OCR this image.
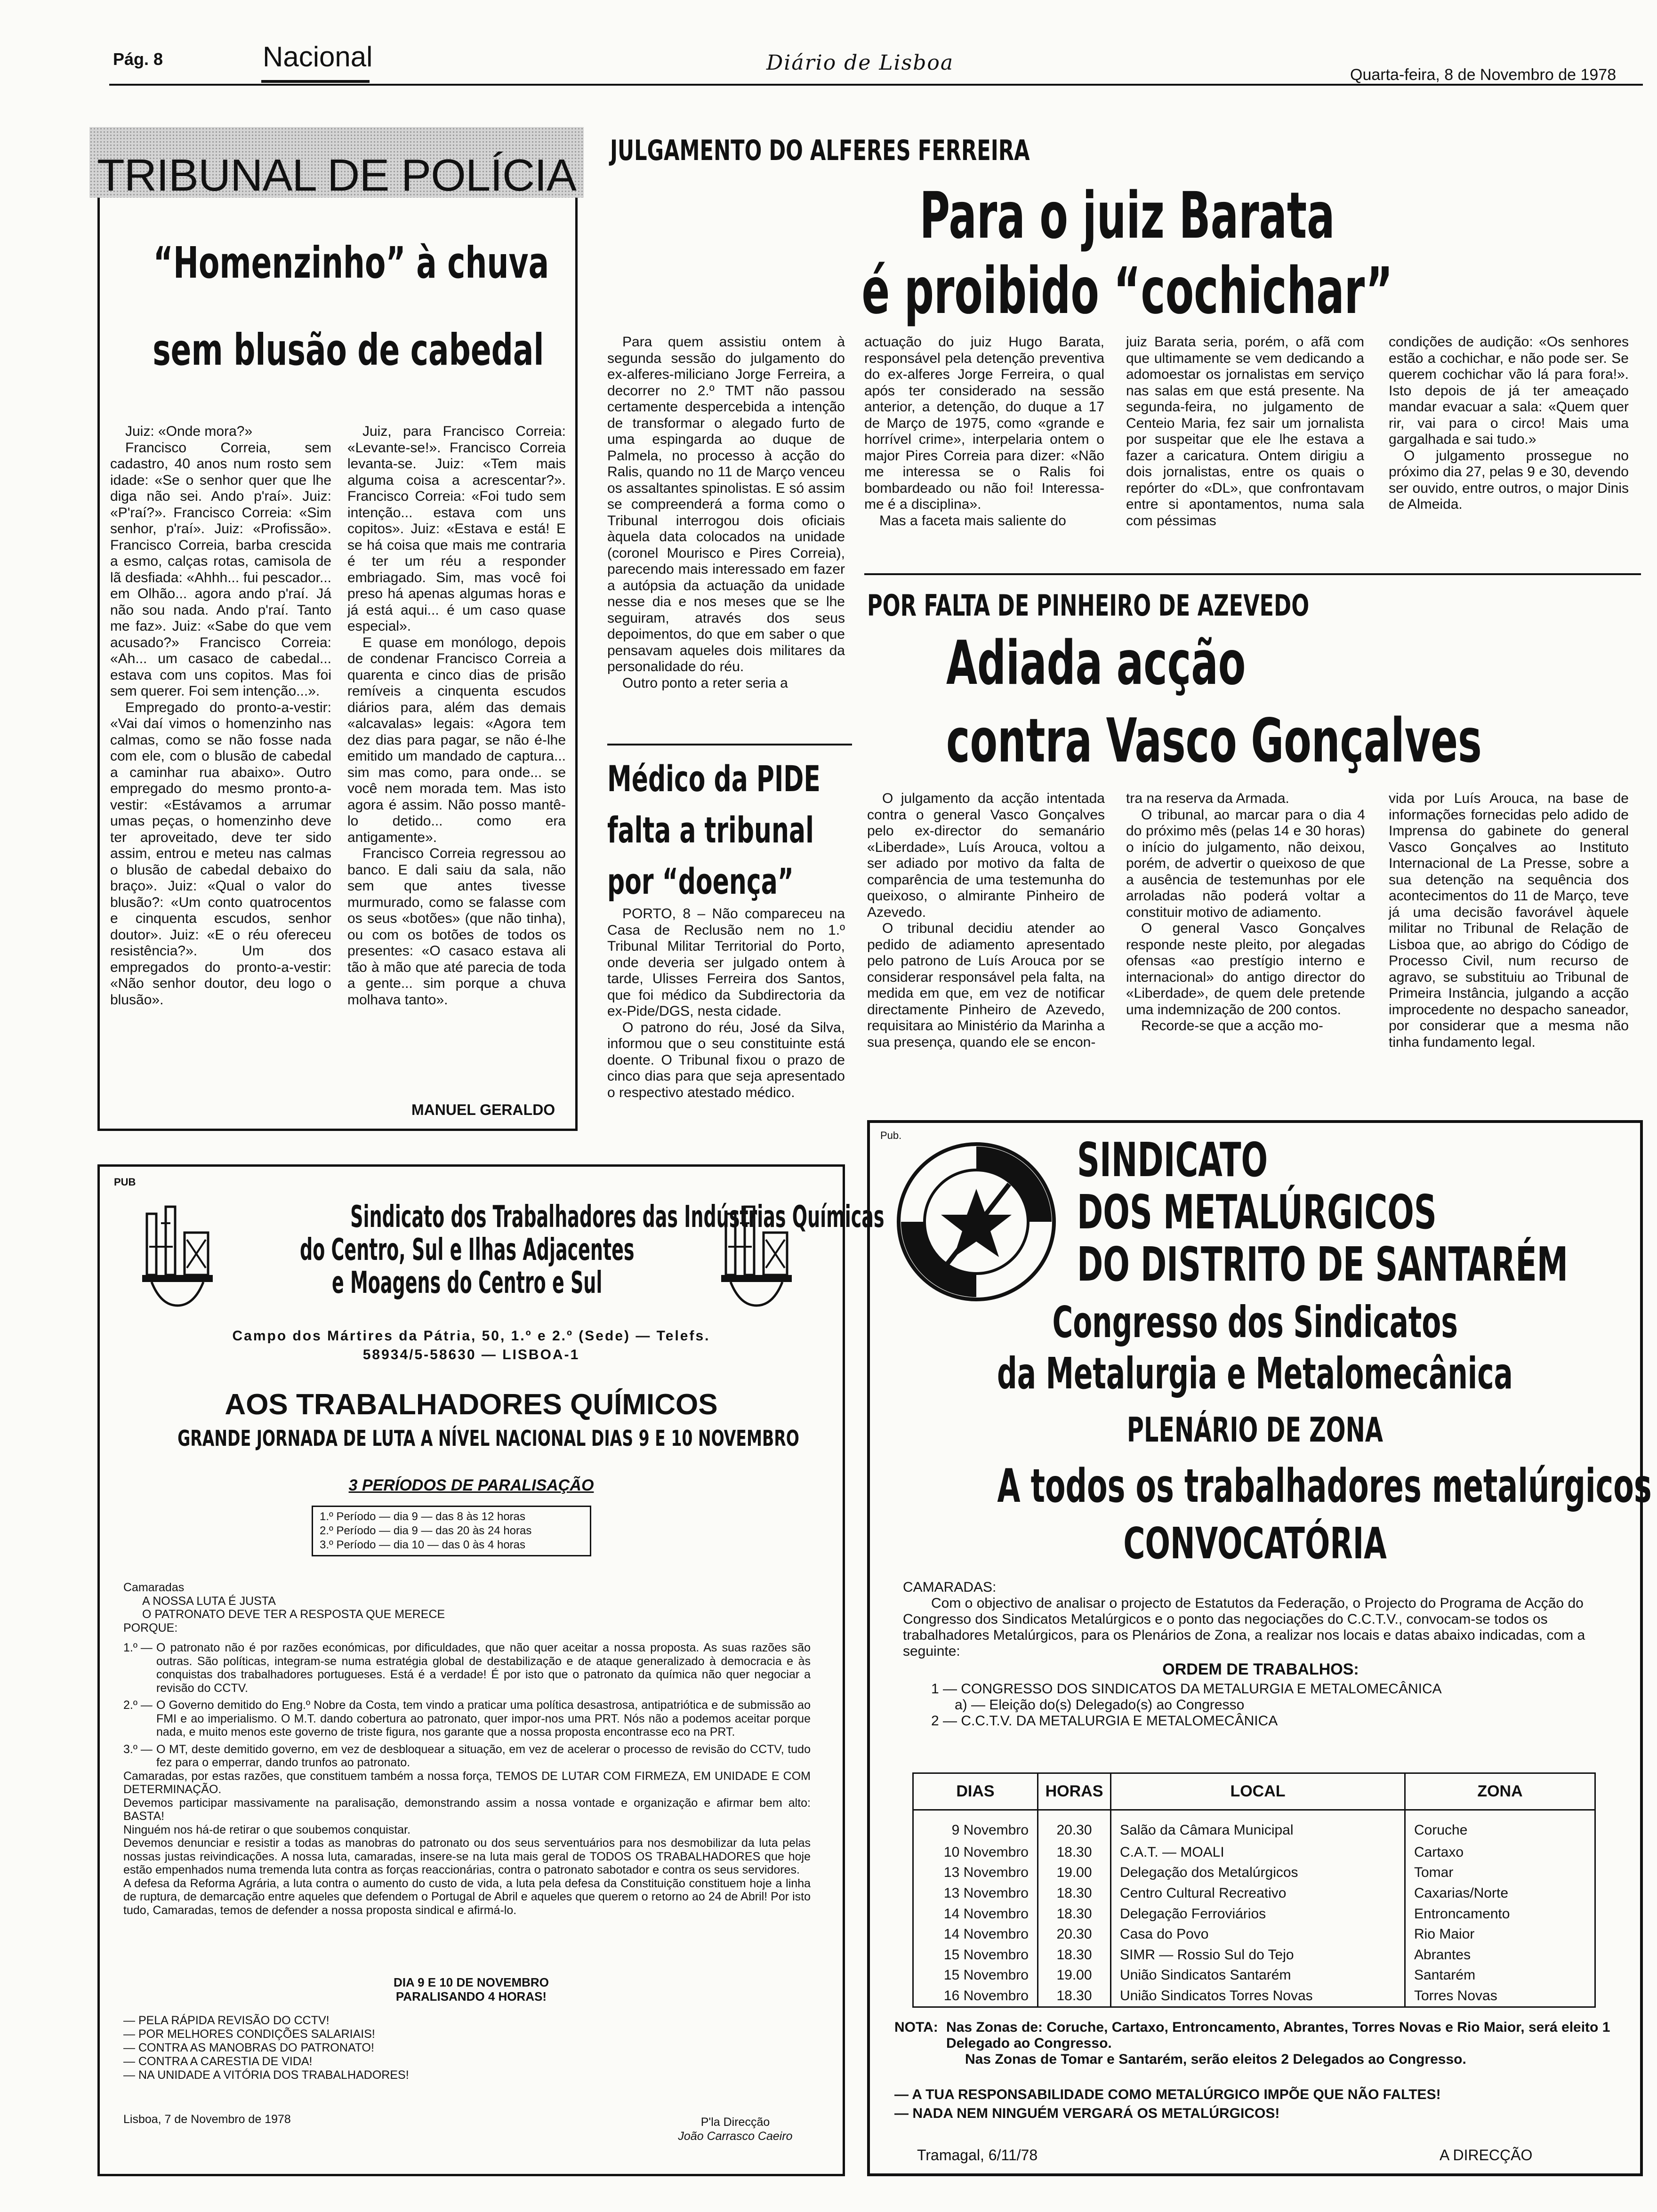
Pág. 8	Nacional	Diário de Lisboa	Quarta-feira, 8 de Novembro de 1978
TRIBUNAL DE POLÍCIA
“Homenzinho” à chuva
sem blusão de cabedal

Juiz: «Onde mora?»

Francisco Correia, sem cadastro, 40 anos num rosto sem idade: «Se o senhor quer que lhe diga não sei. Ando p'raí». Juiz: «P'raí?». Francisco Correia: «Sim senhor, p'raí». Juiz: «Profissão». Francisco Correia, barba crescida a esmo, calças rotas, camisola de lã desfiada: «Ahhh... fui pescador... em Olhão... agora ando p'raí. Já não sou nada. Ando p'raí. Tanto me faz». Juiz: «Sabe do que vem acusado?» Francisco Correia: «Ah... um casaco de cabedal... estava com uns copitos. Mas foi sem querer. Foi sem intenção...».

Empregado do pronto-a-vestir: «Vai daí vimos o homenzinho nas calmas, como se não fosse nada com ele, com o blusão de cabedal a caminhar rua abaixo». Outro empregado do mesmo pronto-a-vestir: «Estávamos a arrumar umas peças, o homenzinho deve ter aproveitado, deve ter sido assim, entrou e meteu nas calmas o blusão de cabedal debaixo do braço». Juiz: «Qual o valor do blusão?: «Um conto quatrocentos e cinquenta escudos, senhor doutor». Juiz: «E o réu ofereceu resistência?». Um dos empregados do pronto-a-vestir: «Não senhor doutor, deu logo o blusão».

Juiz, para Francisco Correia: «Levante-se!». Francisco Correia levanta-se. Juiz: «Tem mais alguma coisa a acrescentar?». Francisco Correia: «Foi tudo sem intenção... estava com uns copitos». Juiz: «Estava e está! E se há coisa que mais me contraria é ter um réu a responder embriagado. Sim, mas você foi preso há apenas algumas horas e já está aqui... é um caso quase especial».

E quase em monólogo, depois de condenar Francisco Correia a quarenta e cinco dias de prisão remíveis a cinquenta escudos diários para, além das demais «alcavalas» legais: «Agora tem dez dias para pagar, se não é-lhe emitido um mandado de captura... sim mas como, para onde... se você nem morada tem. Mas isto agora é assim. Não posso mantê-lo detido... como era antigamente».

Francisco Correia regressou ao banco. E dali saiu da sala, não sem que antes tivesse murmurado, como se falasse com os seus «botões» (que não tinha), ou com os botões de todos os presentes: «O casaco estava ali tão à mão que até parecia de toda a gente... sim porque a chuva molhava tanto».

MANUEL GERALDO
JULGAMENTO DO ALFERES FERREIRA
Para o juiz Barata
é proibido “cochichar”

Para quem assistiu ontem à segunda sessão do julgamento do ex-alferes-miliciano Jorge Ferreira, a decorrer no 2.º TMT não passou certamente despercebida a intenção de transformar o alegado furto de uma espingarda ao duque de Palmela, no processo à acção do Ralis, quando no 11 de Março venceu os assaltantes spinolistas. E só assim se compreenderá a forma como o Tribunal interrogou dois oficiais àquela data colocados na unidade (coronel Mourisco e Pires Correia), parecendo mais interessado em fazer a autópsia da actuação da unidade nesse dia e nos meses que se lhe seguiram, através dos seus depoimentos, do que em saber o que pensavam aqueles dois militares da personalidade do réu.

Outro ponto a reter seria a

actuação do juiz Hugo Barata, responsável pela detenção preventiva do ex-alferes Jorge Ferreira, o qual após ter considerado na sessão anterior, a detenção, do duque a 17 de Março de 1975, como «grande e horrível crime», interpelaria ontem o major Pires Correia para dizer: «Não me interessa se o Ralis foi bombardeado ou não foi! Interessa-me é a disciplina».

Mas a faceta mais saliente do

juiz Barata seria, porém, o afã com que ultimamente se vem dedicando a adomoestar os jornalistas em serviço nas salas em que está presente. Na segunda-feira, no julgamento de Centeio Maria, fez sair um jornalista por suspeitar que ele lhe estava a fazer a caricatura. Ontem dirigiu a dois jornalistas, entre os quais o repórter do «DL», que confrontavam entre si apontamentos, numa sala com péssimas

condições de audição: «Os senhores estão a cochichar, e não pode ser. Se querem cochichar vão lá para fora!». Isto depois de já ter ameaçado mandar evacuar a sala: «Quem quer rir, vai para o circo! Mais uma gargalhada e sai tudo.»

O julgamento prossegue no próximo dia 27, pelas 9 e 30, devendo ser ouvido, entre outros, o major Dinis de Almeida.

Médico da PIDE
falta a tribunal
por “doença”

PORTO, 8 – Não compareceu na Casa de Reclusão nem no 1.º Tribunal Militar Territorial do Porto, onde deveria ser julgado ontem à tarde, Ulisses Ferreira dos Santos, que foi médico da Subdirectoria da ex-Pide/DGS, nesta cidade.

O patrono do réu, José da Silva, informou que o seu constituinte está doente. O Tribunal fixou o prazo de cinco dias para que seja apresentado o respectivo atestado médico.

POR FALTA DE PINHEIRO DE AZEVEDO
Adiada acção
contra Vasco Gonçalves

O julgamento da acção intentada contra o general Vasco Gonçalves pelo ex-director do semanário «Liberdade», Luís Arouca, voltou a ser adiado por motivo da falta de comparência de uma testemunha do queixoso, o almirante Pinheiro de Azevedo.

O tribunal decidiu atender ao pedido de adiamento apresentado pelo patrono de Luís Arouca por se considerar responsável pela falta, na medida em que, em vez de notificar directamente Pinheiro de Azevedo, requisitara ao Ministério da Marinha a sua presença, quando ele se encon-

tra na reserva da Armada.

O tribunal, ao marcar para o dia 4 do próximo mês (pelas 14 e 30 horas) o início do julgamento, não deixou, porém, de advertir o queixoso de que a ausência de testemunhas por ele arroladas não poderá voltar a constituir motivo de adiamento.

O general Vasco Gonçalves responde neste pleito, por alegadas ofensas «ao prestígio interno e internacional» do antigo director do «Liberdade», de quem dele pretende uma indemnização de 200 contos.

Recorde-se que a acção mo-

vida por Luís Arouca, na base de informações fornecidas pelo adido de Imprensa do gabinete do general Vasco Gonçalves ao Instituto Internacional de La Presse, sobre a sua detenção na sequência dos acontecimentos do 11 de Março, teve já uma decisão favorável àquele militar no Tribunal de Relação de Lisboa que, ao abrigo do Código de Processo Civil, num recurso de agravo, se substituiu ao Tribunal de Primeira Instância, julgando a acção improcedente no despacho saneador, por considerar que a mesma não tinha fundamento legal.

PUB
Sindicato dos Trabalhadores das Indústrias Químicas
do Centro, Sul e Ilhas Adjacentes
e Moagens do Centro e Sul
Campo dos Mártires da Pátria, 50, 1.º e 2.º (Sede) — Telefs.
58934/5-58630 — LISBOA-1
AOS TRABALHADORES QUÍMICOS
GRANDE JORNADA DE LUTA A NÍVEL NACIONAL DIAS 9 E 10 NOVEMBRO
3 PERÍODOS DE PARALISAÇÃO
1.º Período — dia 9 — das 8 às 12 horas
2.º Período — dia 9 — das 20 às 24 horas
3.º Período — dia 10 — das 0 às 4 horas
Camaradas
A NOSSA LUTA É JUSTA
O PATRONATO DEVE TER A RESPOSTA QUE MERECE
PORQUE:
1.º — O patronato não é por razões económicas, por dificuldades, que não quer aceitar a nossa proposta. As suas razões são outras. São políticas, integram-se numa estratégia global de destabilização e de ataque generalizado à democracia e às conquistas dos trabalhadores portugueses. Está é a verdade! É por isto que o patronato da química não quer negociar a revisão do CCTV.
2.º — O Governo demitido do Eng.º Nobre da Costa, tem vindo a praticar uma política desastrosa, antipatriótica e de submissão ao FMI e ao imperialismo. O M.T. dando cobertura ao patronato, quer impor-nos uma PRT. Nós não a podemos aceitar porque nada, e muito menos este governo de triste figura, nos garante que a nossa proposta encontrasse eco na PRT.
3.º — O MT, deste demitido governo, em vez de desbloquear a situação, em vez de acelerar o processo de revisão do CCTV, tudo fez para o emperrar, dando trunfos ao patronato.
Camaradas, por estas razões, que constituem também a nossa força, TEMOS DE LUTAR COM FIRMEZA, EM UNIDADE E COM DETERMINAÇÃO.
Devemos participar massivamente na paralisação, demonstrando assim a nossa vontade e organização e afirmar bem alto: BASTA!
Ninguém nos há-de retirar o que soubemos conquistar.
Devemos denunciar e resistir a todas as manobras do patronato ou dos seus serventuários para nos desmobilizar da luta pelas nossas justas reivindicações. A nossa luta, camaradas, insere-se na luta mais geral de TODOS OS TRABALHADORES que hoje estão empenhados numa tremenda luta contra as forças reaccionárias, contra o patronato sabotador e contra os seus servidores.
A defesa da Reforma Agrária, a luta contra o aumento do custo de vida, a luta pela defesa da Constituição constituem hoje a linha de ruptura, de demarcação entre aqueles que defendem o Portugal de Abril e aqueles que querem o retorno ao 24 de Abril! Por isto tudo, Camaradas, temos de defender a nossa proposta sindical e afirmá-lo.
DIA 9 E 10 DE NOVEMBRO
PARALISANDO 4 HORAS!
— PELA RÁPIDA REVISÃO DO CCTV!
— POR MELHORES CONDIÇÕES SALARIAIS!
— CONTRA AS MANOBRAS DO PATRONATO!
— CONTRA A CARESTIA DE VIDA!
— NA UNIDADE A VITÓRIA DOS TRABALHADORES!
Lisboa, 7 de Novembro de 1978	P'la Direcção
João Carrasco Caeiro
Pub.	SINDICATO
DOS METALÚRGICOS
DO DISTRITO DE SANTARÉM
Congresso dos Sindicatos
da Metalurgia e Metalomecânica
PLENÁRIO DE ZONA
A todos os trabalhadores metalúrgicos
CONVOCATÓRIA
CAMARADAS:
Com o objectivo de analisar o projecto de Estatutos da Federação, o Projecto do Programa de Acção do Congresso dos Sindicatos Metalúrgicos e o ponto das negociações do C.C.T.V., convocam-se todos os trabalhadores Metalúrgicos, para os Plenários de Zona, a realizar nos locais e datas abaixo indicadas, com a seguinte:
ORDEM DE TRABALHOS:
1 — CONGRESSO DOS SINDICATOS DA METALURGIA E METALOMECÂNICA
a) — Eleição do(s) Delegado(s) ao Congresso
2 — C.C.T.V. DA METALURGIA E METALOMECÂNICA
DIAS	HORAS	LOCAL	ZONA
9 Novembro	20.30	Salão da Câmara Municipal	Coruche
10 Novembro	18.30	C.A.T. — MOALI	Cartaxo
13 Novembro	19.00	Delegação dos Metalúrgicos	Tomar
13 Novembro	18.30	Centro Cultural Recreativo	Caxarias/Norte
14 Novembro	18.30	Delegação Ferroviários	Entroncamento
14 Novembro	20.30	Casa do Povo	Rio Maior
15 Novembro	18.30	SIMR — Rossio Sul do Tejo	Abrantes
15 Novembro	19.00	União Sindicatos Santarém	Santarém
16 Novembro	18.30	União Sindicatos Torres Novas	Torres Novas
NOTA: Nas Zonas de: Coruche, Cartaxo, Entroncamento, Abrantes, Torres Novas e Rio Maior, será eleito 1 Delegado ao Congresso.
Nas Zonas de Tomar e Santarém, serão eleitos 2 Delegados ao Congresso.
— A TUA RESPONSABILIDADE COMO METALÚRGICO IMPÕE QUE NÃO FALTES!
— NADA NEM NINGUÉM VERGARÁ OS METALÚRGICOS!
Tramagal, 6/11/78	A DIRECÇÃO
